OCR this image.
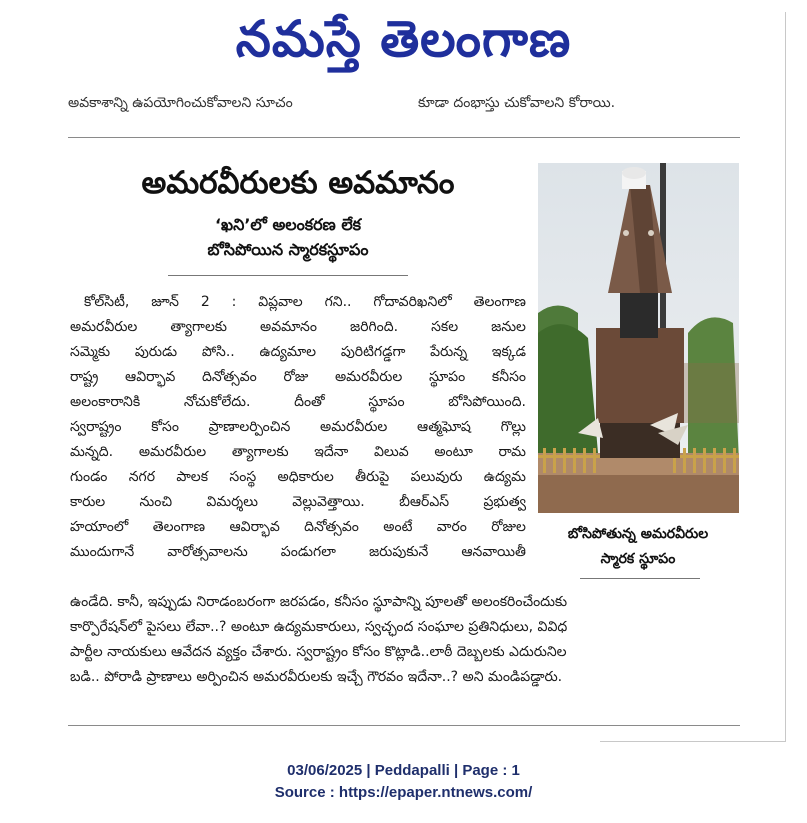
నమస్తే తెలంగాణ
అవకాశాన్ని ఉపయోగించుకోవాలని సూచం	కూడా దంభాస్తు చుకోవాలని కోరాయి.
అమరవీరులకు అవమానం
‘ఖని’లో అలంకరణ లేక
బోసిపోయిన స్మారకస్థూపం
కోల్‌సిటీ, జూన్ 2 : విప్లవాల గని.. గోదావరిఖనిలో తెలంగాణ
అమరవీరుల త్యాగాలకు అవమానం జరిగింది. సకల జనుల
సమ్మెకు పురుడు పోసి.. ఉద్యమాల పురిటిగడ్డగా పేరున్న ఇక్కడ
రాష్ట్ర ఆవిర్భావ దినోత్సవం రోజు అమరవీరుల స్థూపం కనీసం
అలంకారానికి నోచుకోలేదు. దీంతో స్థూపం బోసిపోయింది.
స్వరాష్ట్రం కోసం ప్రాణాలర్పించిన అమరవీరుల ఆత్మఘోష గొల్లు
మన్నది. అమరవీరుల త్యాగాలకు ఇదేనా విలువ అంటూ రామ
గుండం నగర పాలక సంస్థ అధికారుల తీరుపై పలువురు ఉద్యమ
కారుల నుంచి విమర్శలు వెల్లువెత్తాయి. బీఆర్‌ఎస్ ప్రభుత్వ
హయాంలో తెలంగాణ ఆవిర్భావ దినోత్సవం అంటే వారం రోజుల
ముందుగానే వారోత్సవాలను పండుగలా జరుపుకునే ఆనవాయితీ
ఉండేది. కానీ, ఇప్పుడు నిరాడంబరంగా జరపడం, కనీసం స్థూపాన్ని పూలతో అలంకరించేందుకు
కార్పొరేషన్‌లో పైసలు లేవా..? అంటూ ఉద్యమకారులు, స్వచ్ఛంద సంఘాల ప్రతినిధులు, వివిధ
పార్టీల నాయకులు ఆవేదన వ్యక్తం చేశారు. స్వరాష్ట్రం కోసం కొట్లాడి..లాఠీ దెబ్బలకు ఎదురునిల
బడి.. పోరాడి ప్రాణాలు అర్పించిన అమరవీరులకు ఇచ్చే గౌరవం ఇదేనా..? అని మండిపడ్డారు.
బోసిపోతున్న అమరవీరుల
స్మారక స్థూపం
03/06/2025 | Peddapalli | Page : 1
Source : https://epaper.ntnews.com/
